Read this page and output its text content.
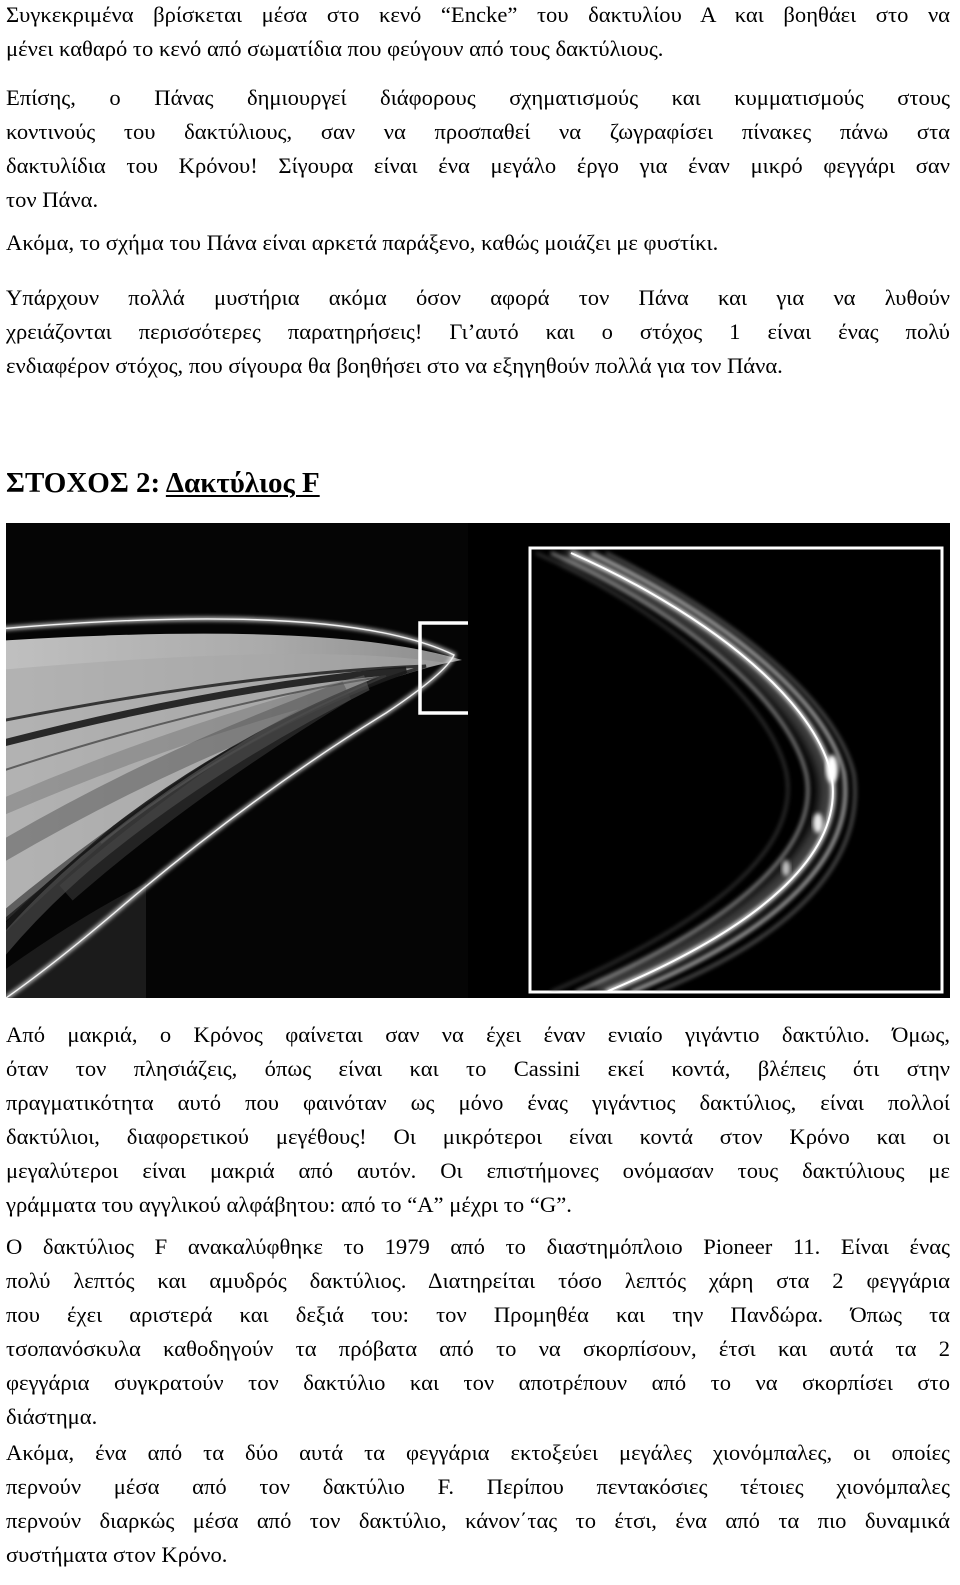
Συγκεκριμένα βρίσκεται μέσα στο κενό “Encke” του δακτυλίου Α και βοηθάει στο να
μένει καθαρό το κενό από σωματίδια που φεύγουν από τους δακτύλιους.
Επίσης, ο Πάνας δημιουργεί διάφορους σχηματισμούς και κυμματισμούς στους
κοντινούς του δακτύλιους, σαν να προσπαθεί να ζωγραφίσει πίνακες πάνω στα
δακτυλίδια του Κρόνου! Σίγουρα είναι ένα μεγάλο έργο για έναν μικρό φεγγάρι σαν
τον Πάνα.
Ακόμα, το σχήμα του Πάνα είναι αρκετά παράξενο, καθώς μοιάζει με φυστίκι.
Υπάρχουν πολλά μυστήρια ακόμα όσον αφορά τον Πάνα και για να λυθούν
χρειάζονται περισσότερες παρατηρήσεις! Γι’αυτό και ο στόχος 1 είναι ένας πολύ
ενδιαφέρον στόχος, που σίγουρα θα βοηθήσει στο να εξηγηθούν πολλά για τον Πάνα.
ΣΤΟΧΟΣ 2: Δακτύλιος F
Από μακριά, ο Κρόνος φαίνεται σαν να έχει έναν ενιαίο γιγάντιο δακτύλιο. Όμως,
όταν τον πλησιάζεις, όπως είναι και το Cassini εκεί κοντά, βλέπεις ότι στην
πραγματικότητα αυτό που φαινόταν ως μόνο ένας γιγάντιος δακτύλιος, είναι πολλοί
δακτύλιοι, διαφορετικού μεγέθους! Οι μικρότεροι είναι κοντά στον Κρόνο και οι
μεγαλύτεροι είναι μακριά από αυτόν. Οι επιστήμονες ονόμασαν τους δακτύλιους με
γράμματα του αγγλικού αλφάβητου: από το “Α” μέχρι το “G”.
Ο δακτύλιος F ανακαλύφθηκε το 1979 από το διαστημόπλοιο Pioneer 11. Είναι ένας
πολύ λεπτός και αμυδρός δακτύλιος. Διατηρείται τόσο λεπτός χάρη στα 2 φεγγάρια
που έχει αριστερά και δεξιά του: τον Προμηθέα και την Πανδώρα. Όπως τα
τσοπανόσκυλα καθοδηγούν τα πρόβατα από το να σκορπίσουν, έτσι και αυτά τα 2
φεγγάρια συγκρατούν τον δακτύλιο και τον αποτρέπουν από το να σκορπίσει στο
διάστημα.
Ακόμα, ένα από τα δύο αυτά τα φεγγάρια εκτοξεύει μεγάλες χιονόμπαλες, οι οποίες
περνούν μέσα από τον δακτύλιο F. Περίπου πεντακόσιες τέτοιες χιονόμπαλες
περνούν διαρκώς μέσα από τον δακτύλιο, κάνον΄τας το έτσι, ένα από τα πιο δυναμικά
συστήματα στον Κρόνο.
